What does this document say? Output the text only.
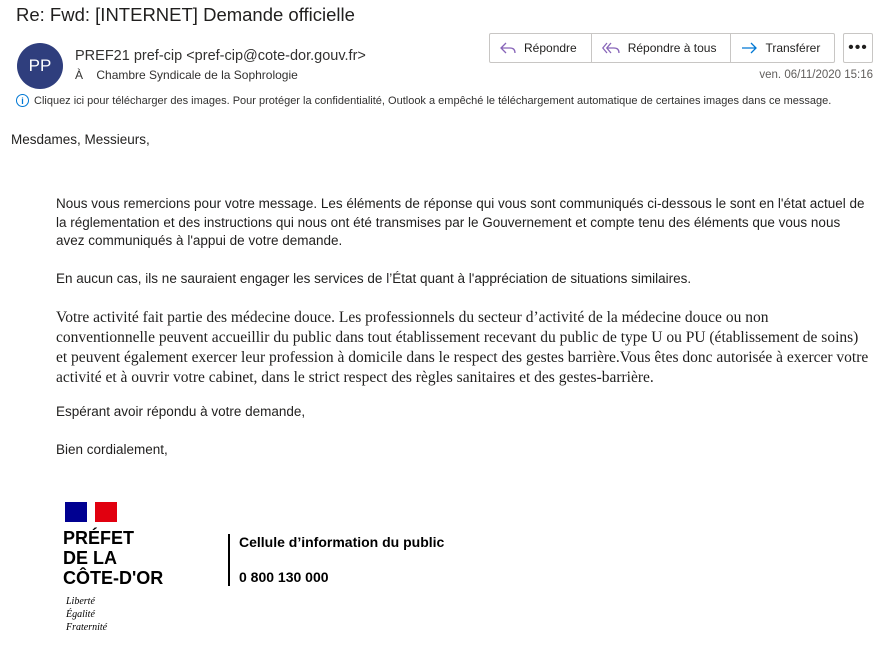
Re: Fwd: [INTERNET] Demande officielle
PP	PREF21 pref-cip <pref-cip@cote-dor.gouv.fr>
À Chambre Syndicale de la Sophrologie
Répondre	Répondre à tous	Transférer •••
ven. 06/11/2020 15:16
i Cliquez ici pour télécharger des images. Pour protéger la confidentialité, Outlook a empêché le téléchargement automatique de certaines images dans ce message.
Mesdames, Messieurs,
Nous vous remercions pour votre message. Les éléments de réponse qui vous sont communiqués ci-dessous le sont en l'état actuel de la réglementation et des instructions qui nous ont été transmises par le Gouvernement et compte tenu des éléments que vous nous avez communiqués à l'appui de votre demande.
En aucun cas, ils ne sauraient engager les services de l’État quant à l'appréciation de situations similaires.
Votre activité fait partie des médecine douce. Les professionnels du secteur d’activité de la médecine douce ou non conventionnelle peuvent accueillir du public dans tout établissement recevant du public de type U ou PU (établissement de soins) et peuvent également exercer leur profession à domicile dans le respect des gestes barrière.Vous êtes donc autorisée à exercer votre activité et à ouvrir votre cabinet, dans le strict respect des règles sanitaires et des gestes-barrière.
Espérant avoir répondu à votre demande,
Bien cordialement,
PRÉFET
DE LA
CÔTE-D'OR
Liberté
Égalité
Fraternité
Cellule d’information du public
0 800 130 000
